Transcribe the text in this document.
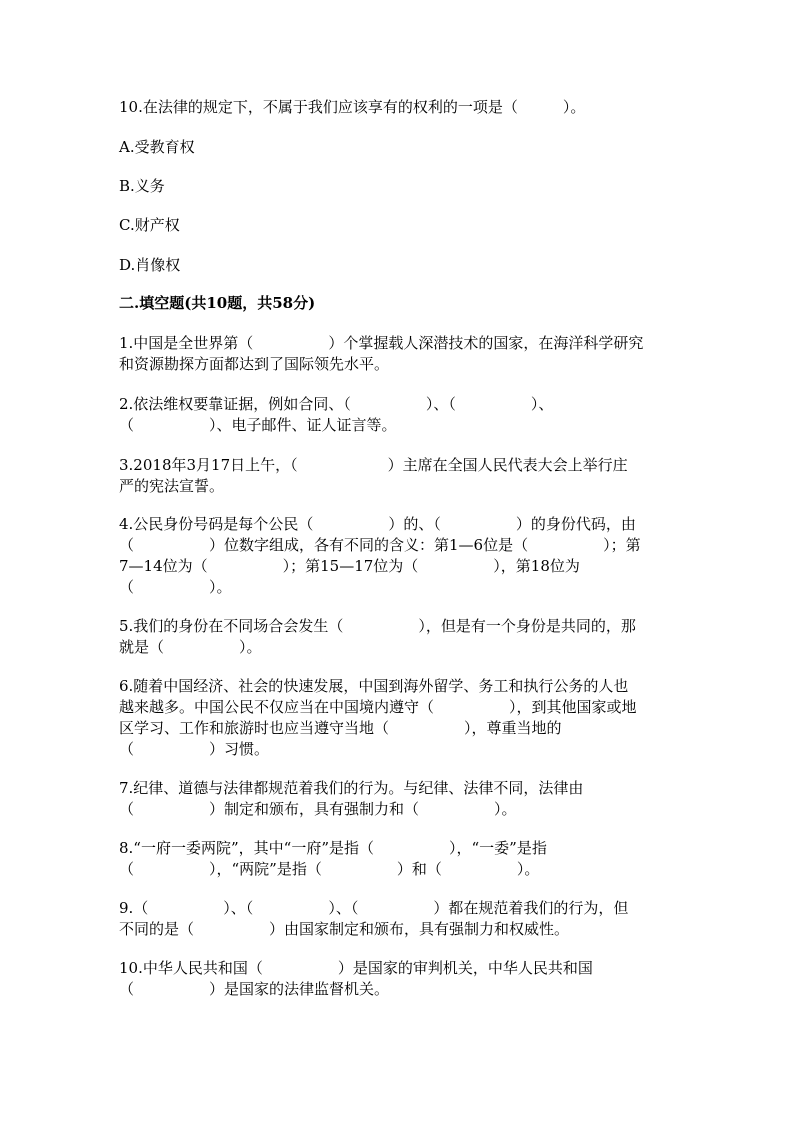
10.在法律的规定下，不属于我们应该享有的权利的一项是（　　　）。
A.受教育权
B.义务
C.财产权
D.肖像权
二.填空题(共10题，共58分)
1.中国是全世界第（　　　　　）个掌握载人深潜技术的国家，在海洋科学研究
和资源勘探方面都达到了国际领先水平。
2.依法维权要靠证据，例如合同、（　　　　　）、（　　　　　）、
（　　　　　）、电子邮件、证人证言等。
3.2018年3月17日上午，（　　　　　　）主席在全国人民代表大会上举行庄
严的宪法宣誓。
4.公民身份号码是每个公民（　　　　　）的、（　　　　　）的身份代码，由
（　　　　　）位数字组成，各有不同的含义：第1—6位是（　　　　　）；第
7—14位为（　　　　　）；第15—17位为（　　　　　），第18位为
（　　　　　）。
5.我们的身份在不同场合会发生（　　　　　），但是有一个身份是共同的，那
就是（　　　　　）。
6.随着中国经济、社会的快速发展，中国到海外留学、务工和执行公务的人也
越来越多。中国公民不仅应当在中国境内遵守（　　　　　），到其他国家或地
区学习、工作和旅游时也应当遵守当地（　　　　　），尊重当地的
（　　　　　）习惯。
7.纪律、道德与法律都规范着我们的行为。与纪律、法律不同，法律由
（　　　　　）制定和颁布，具有强制力和（　　　　　）。
8.“一府一委两院”，其中“一府”是指（　　　　　），“一委”是指
（　　　　　），“两院”是指（　　　　　）和（　　　　　）。
9.（　　　　　）、（　　　　　）、（　　　　　）都在规范着我们的行为，但
不同的是（　　　　　）由国家制定和颁布，具有强制力和权威性。
10.中华人民共和国（　　　　　）是国家的审判机关，中华人民共和国
（　　　　　）是国家的法律监督机关。
